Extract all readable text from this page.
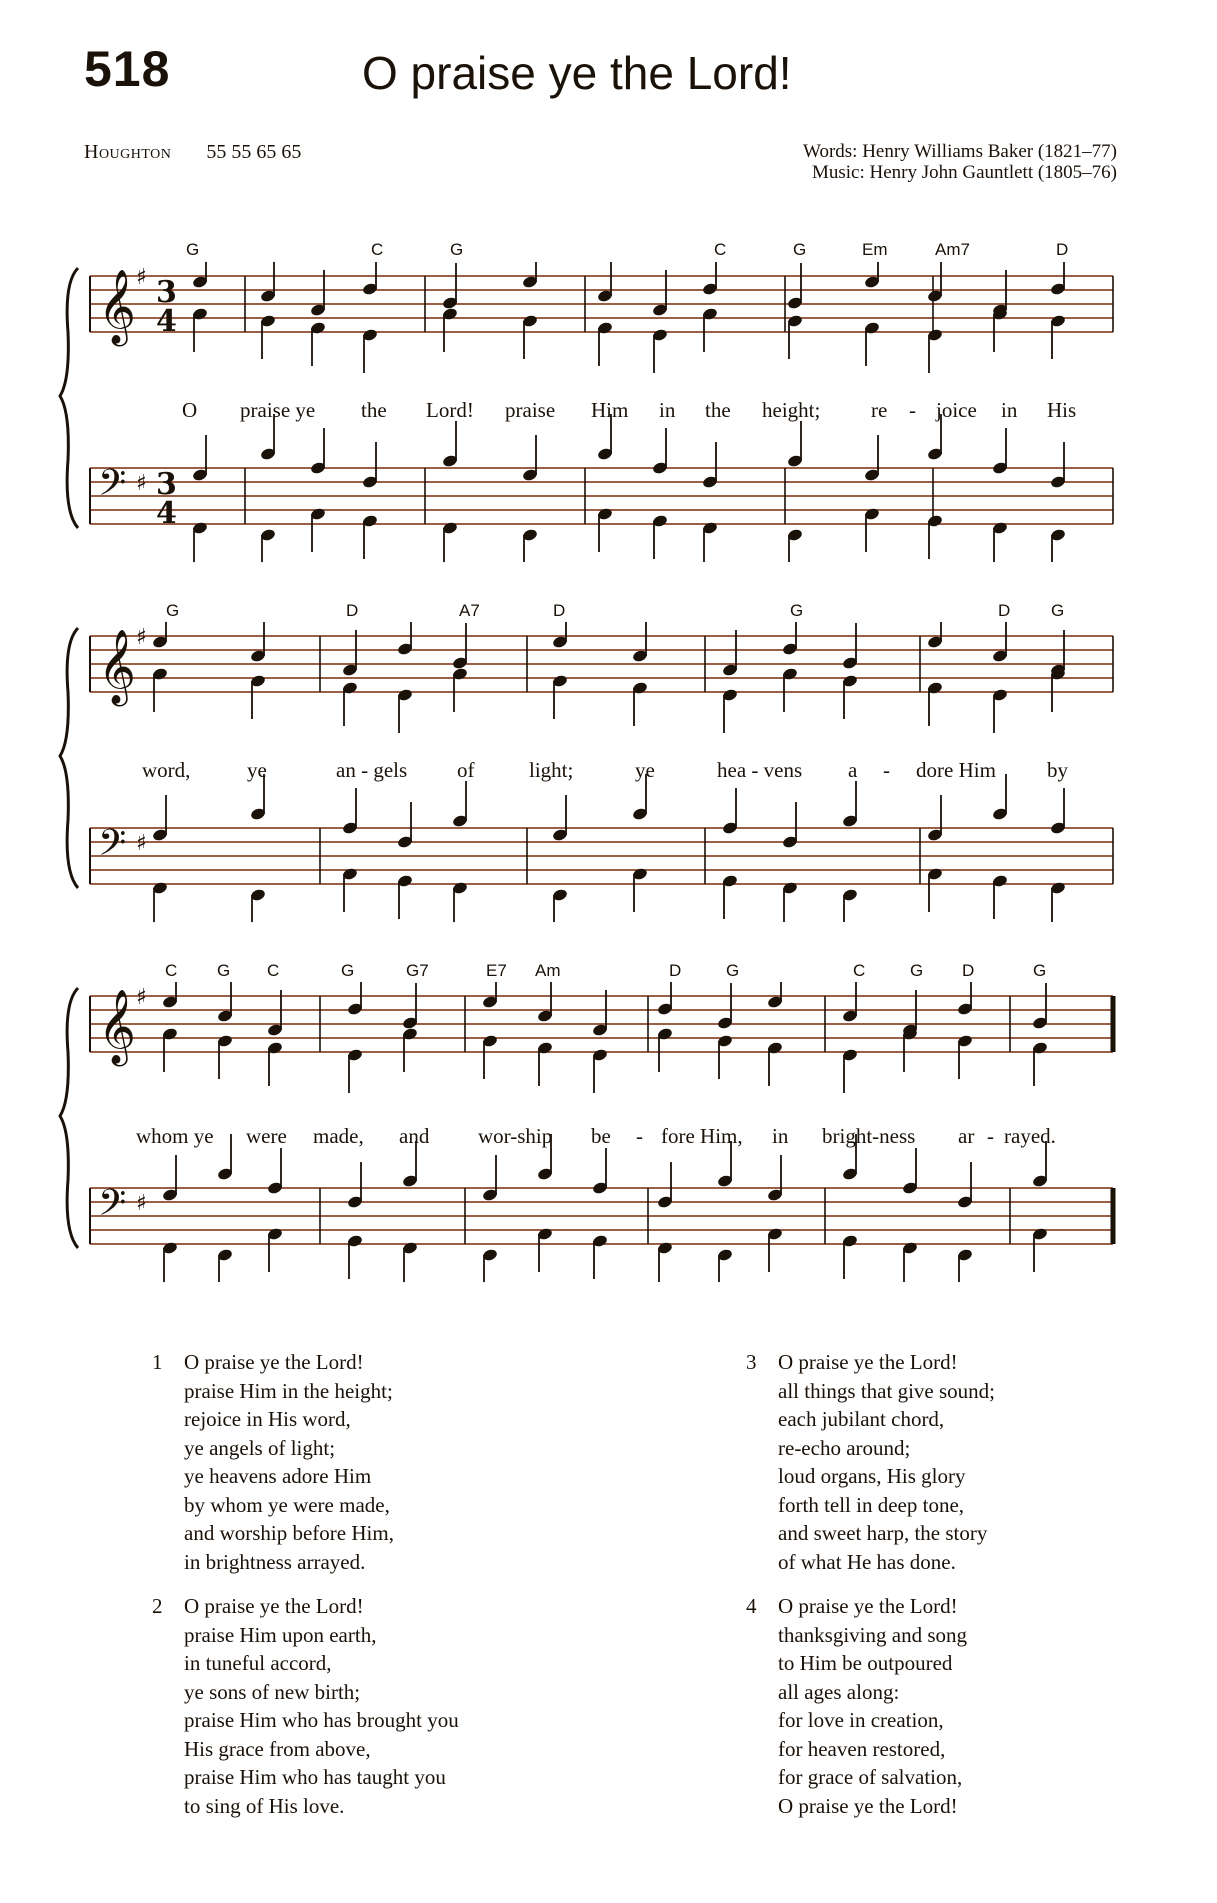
518	O praise ye the Lord!
Houghton 55 55 65 65	Words: Henry Williams Baker (1821–77)
Music: Henry John Gauntlett (1805–76)
G	C	G	C	G	Em	Am7	D
𝄞 ♯ 3
4
𝄢 ♯ 3
4
O praise ye the Lord! praise Him in the height; re - joice in His
G	D	A7	D	G	D G
𝄞 ♯
𝄢 ♯
word,	ye	an - gels of	light;	ye	hea - vens a - dore Him by
C G C	G	G7	E7 Am	D	G	C	G D	G
𝄞 ♯
𝄢 ♯
whom ye were made, and wor-ship be - fore Him, in bright-ness ar - rayed.
1 O praise ye the Lord!
praise Him in the height;
rejoice in His word,
ye angels of light;
ye heavens adore Him
by whom ye were made,
and worship before Him,
in brightness arrayed.
2 O praise ye the Lord!
praise Him upon earth,
in tuneful accord,
ye sons of new birth;
praise Him who has brought you
His grace from above,
praise Him who has taught you
to sing of His love.
3 O praise ye the Lord!
all things that give sound;
each jubilant chord,
re-echo around;
loud organs, His glory
forth tell in deep tone,
and sweet harp, the story
of what He has done.
4 O praise ye the Lord!
thanksgiving and song
to Him be outpoured
all ages along:
for love in creation,
for heaven restored,
for grace of salvation,
O praise ye the Lord!
